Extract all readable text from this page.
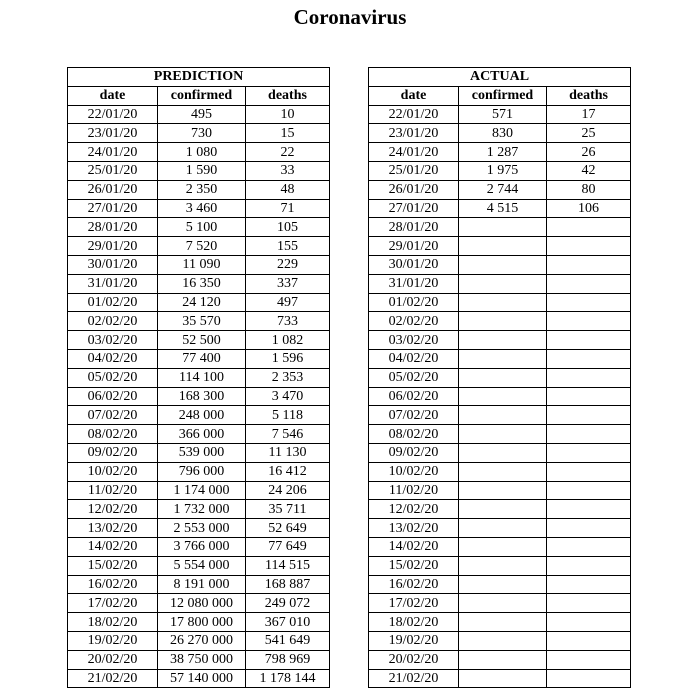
Coronavirus
PREDICTION		
date	confirmed	deaths
22/01/20	495	10
23/01/20	730	15
24/01/20	1 080	22
25/01/20	1 590	33
26/01/20	2 350	48
27/01/20	3 460	71
28/01/20	5 100	105
29/01/20	7 520	155
30/01/20	11 090	229
31/01/20	16 350	337
01/02/20	24 120	497
02/02/20	35 570	733
03/02/20	52 500	1 082
04/02/20	77 400	1 596
05/02/20	114 100	2 353
06/02/20	168 300	3 470
07/02/20	248 000	5 118
08/02/20	366 000	7 546
09/02/20	539 000	11 130
10/02/20	796 000	16 412
11/02/20	1 174 000	24 206
12/02/20	1 732 000	35 711
13/02/20	2 553 000	52 649
14/02/20	3 766 000	77 649
15/02/20	5 554 000	114 515
16/02/20	8 191 000	168 887
17/02/20	12 080 000	249 072
18/02/20	17 800 000	367 010
19/02/20	26 270 000	541 649
20/02/20	38 750 000	798 969
21/02/20	57 140 000	1 178 144
ACTUAL		
date	confirmed	deaths
22/01/20	571	17
23/01/20	830	25
24/01/20	1 287	26
25/01/20	1 975	42
26/01/20	2 744	80
27/01/20	4 515	106
28/01/20		
29/01/20		
30/01/20		
31/01/20		
01/02/20		
02/02/20		
03/02/20		
04/02/20		
05/02/20		
06/02/20		
07/02/20		
08/02/20		
09/02/20		
10/02/20		
11/02/20		
12/02/20		
13/02/20		
14/02/20		
15/02/20		
16/02/20		
17/02/20		
18/02/20		
19/02/20		
20/02/20		
21/02/20		
